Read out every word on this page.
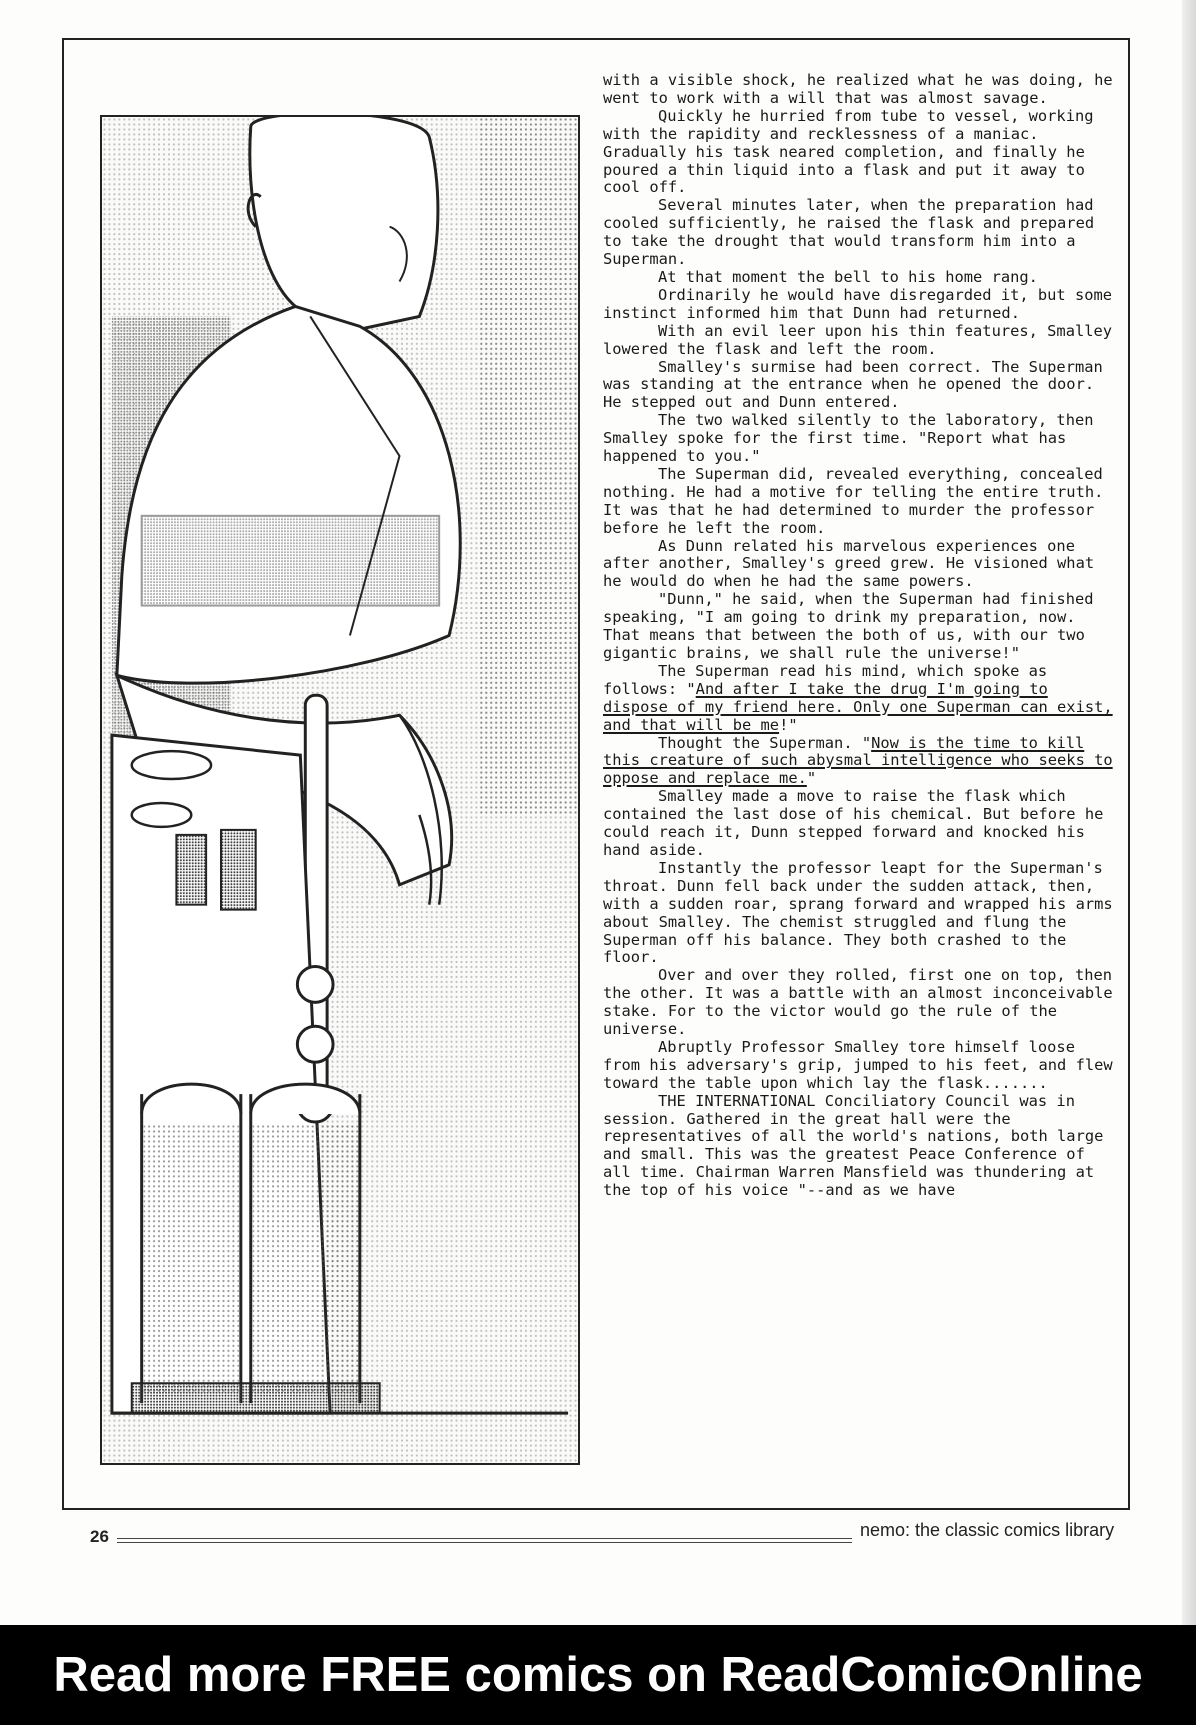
with a visible shock, he realized what he was doing, he went to work with a will that was almost savage.

Quickly he hurried from tube to vessel, working with the rapidity and recklessness of a maniac. Gradually his task neared completion, and finally he poured a thin liquid into a flask and put it away to cool off.

Several minutes later, when the preparation had cooled sufficiently, he raised the flask and prepared to take the drought that would transform him into a Superman.

At that moment the bell to his home rang.

Ordinarily he would have disregarded it, but some instinct informed him that Dunn had returned.

With an evil leer upon his thin features, Smalley lowered the flask and left the room.

Smalley's surmise had been correct. The Superman was standing at the entrance when he opened the door. He stepped out and Dunn entered.

The two walked silently to the laboratory, then Smalley spoke for the first time. "Report what has happened to you."

The Superman did, revealed everything, concealed nothing. He had a motive for telling the entire truth. It was that he had determined to murder the professor before he left the room.

As Dunn related his marvelous experiences one after another, Smalley's greed grew. He visioned what he would do when he had the same powers.

"Dunn," he said, when the Superman had finished speaking, "I am going to drink my preparation, now. That means that between the both of us, with our two gigantic brains, we shall rule the universe!"

The Superman read his mind, which spoke as follows: "And after I take the drug I'm going to dispose of my friend here. Only one Superman can exist, and that will be me!"

Thought the Superman. "Now is the time to kill this creature of such abysmal intelligence who seeks to oppose and replace me."

Smalley made a move to raise the flask which contained the last dose of his chemical. But before he could reach it, Dunn stepped forward and knocked his hand aside.

Instantly the professor leapt for the Superman's throat. Dunn fell back under the sudden attack, then, with a sudden roar, sprang forward and wrapped his arms about Smalley. The chemist struggled and flung the Superman off his balance. They both crashed to the floor.

Over and over they rolled, first one on top, then the other. It was a battle with an almost inconceivable stake. For to the victor would go the rule of the universe.

Abruptly Professor Smalley tore himself loose from his adversary's grip, jumped to his feet, and flew toward the table upon which lay the flask.......

THE INTERNATIONAL Conciliatory Council was in session. Gathered in the great hall were the representatives of all the world's nations, both large and small. This was the greatest Peace Conference of all time. Chairman Warren Mansfield was thundering at the top of his voice "--and as we have

26	nemo: the classic comics library
Read more FREE comics on ReadComicOnline
